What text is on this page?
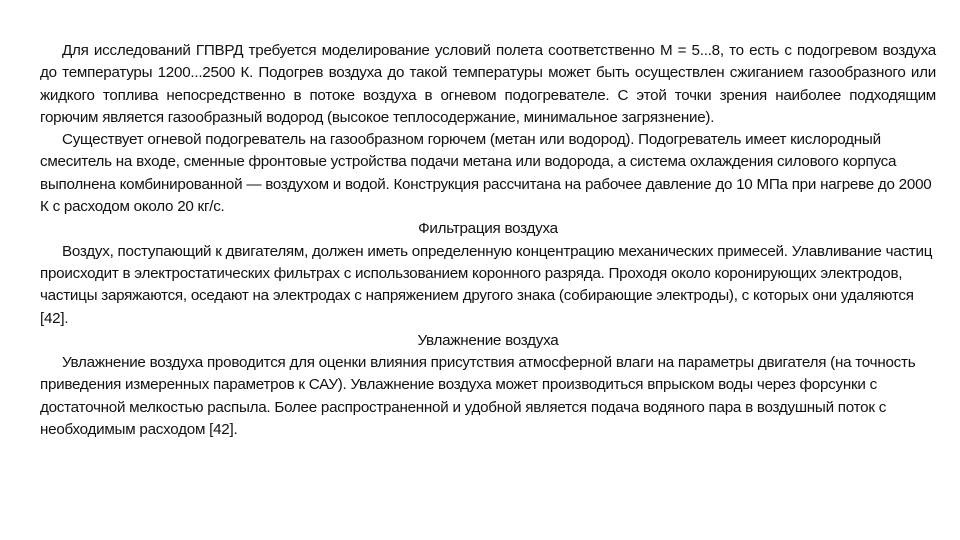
Для исследований ГПВРД требуется моделирование условий полета соответственно М = 5...8, то есть с подогревом воздуха до температуры 1200...2500 К. Подогрев воздуха до такой температуры может быть осуществлен сжиганием газообразного или жидкого топлива непосредственно в потоке воздуха в огневом подогревателе. С этой точки зрения наиболее подходящим горючим является газообразный водород (высокое теплосодержание, минимальное загрязнение).

Существует огневой подогреватель на газообразном горючем (метан или водород). Подогреватель имеет кислородный смеситель на входе, сменные фронтовые устройства подачи метана или водорода, а система охлаждения силового корпуса выполнена комбинированной — воздухом и водой. Конструкция рассчитана на рабочее давление до 10 МПа при нагреве до 2000 К с расходом около 20 кг/с.

Фильтрация воздуха

Воздух, поступающий к двигателям, должен иметь определенную концентрацию механических примесей. Улавливание частиц происходит в электростатических фильтрах с использованием коронного разряда. Проходя около коронирующих электродов, частицы заряжаются, оседают на электродах с напряжением другого знака (собирающие электроды), с которых они удаляются [42].

Увлажнение воздуха

Увлажнение воздуха проводится для оценки влияния присутствия атмосферной влаги на параметры двигателя (на точность приведения измеренных параметров к САУ). Увлажнение воздуха может производиться впрыском воды через форсунки с достаточной мелкостью распыла. Более распространенной и удобной является подача водяного пара в воздушный поток с необходимым расходом [42].
